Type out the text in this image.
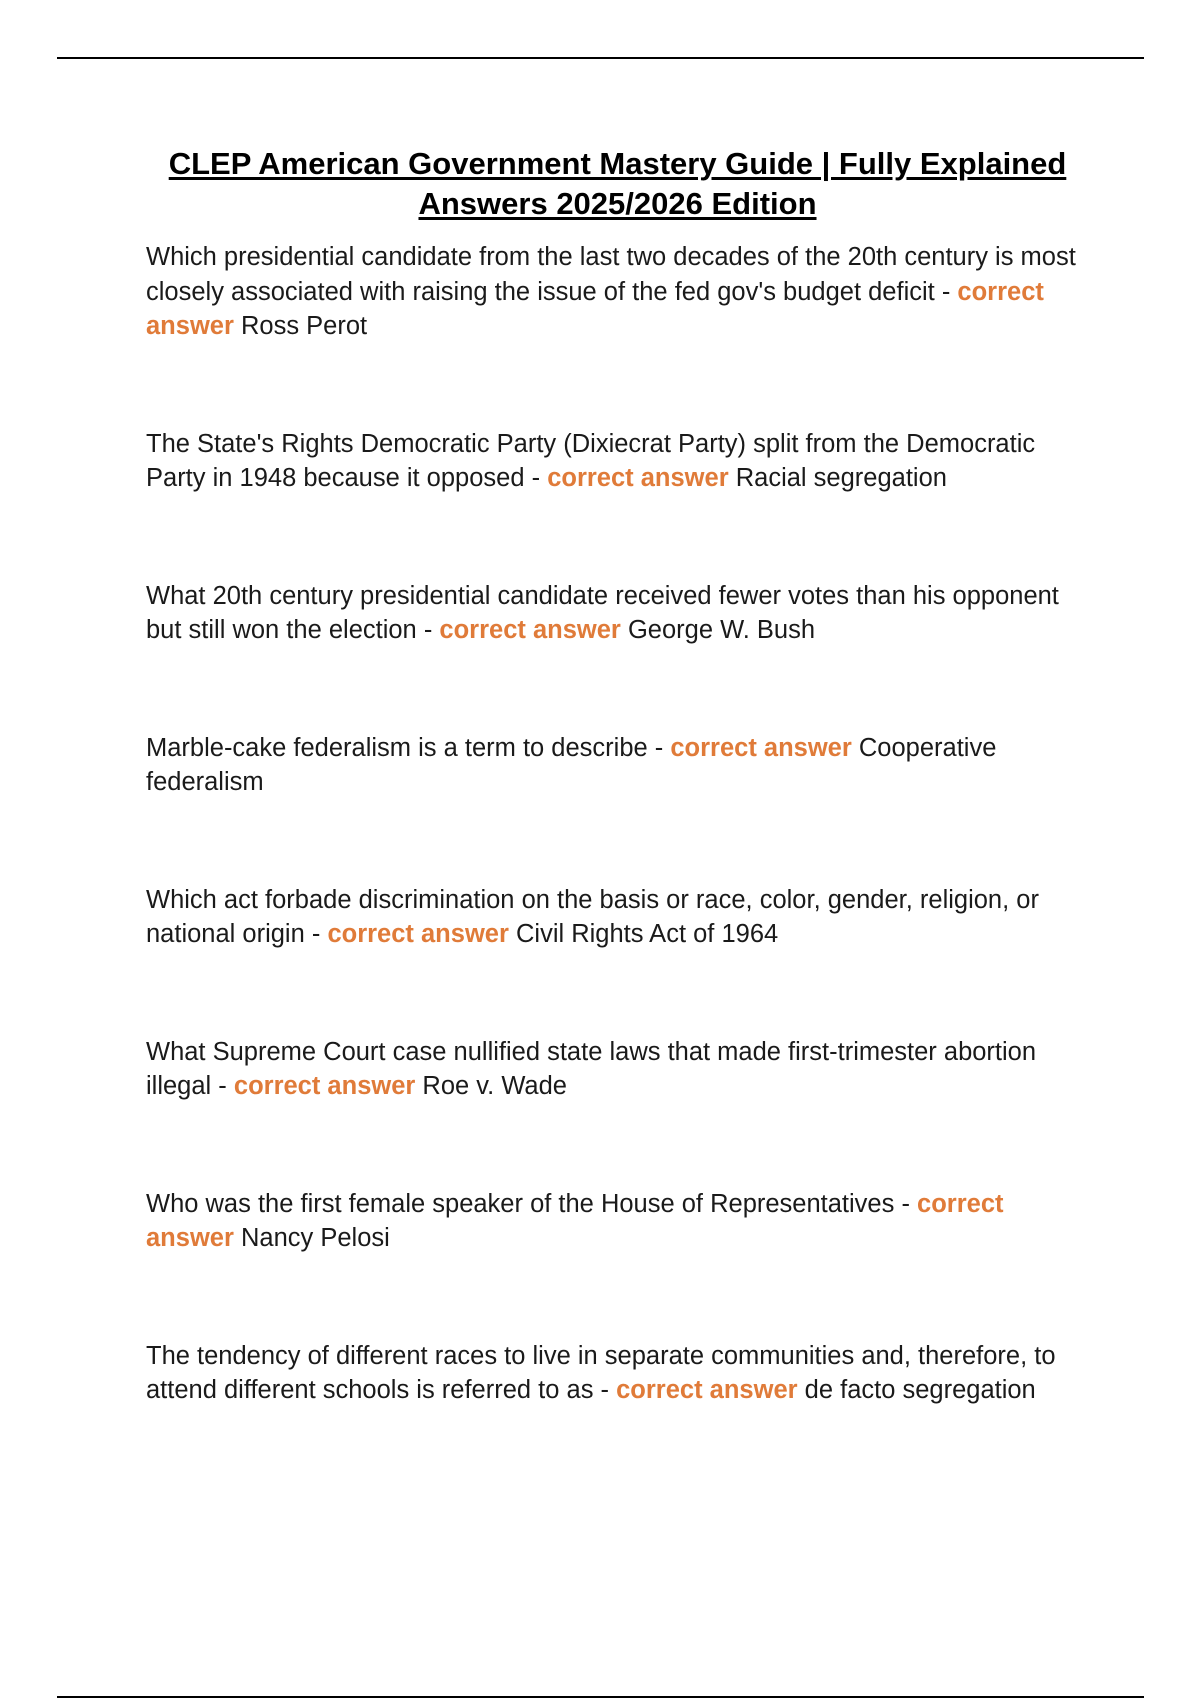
CLEP American Government Mastery Guide | Fully Explained
Answers 2025/2026 Edition

Which presidential candidate from the last two decades of the 20th century is most closely associated with raising the issue of the fed gov's budget deficit - correct answer Ross Perot

The State's Rights Democratic Party (Dixiecrat Party) split from the Democratic Party in 1948 because it opposed - correct answer Racial segregation

What 20th century presidential candidate received fewer votes than his opponent but still won the election - correct answer George W. Bush

Marble-cake federalism is a term to describe - correct answer Cooperative federalism

Which act forbade discrimination on the basis or race, color, gender, religion, or national origin - correct answer Civil Rights Act of 1964

What Supreme Court case nullified state laws that made first-trimester abortion illegal - correct answer Roe v. Wade

Who was the first female speaker of the House of Representatives - correct answer Nancy Pelosi

The tendency of different races to live in separate communities and, therefore, to attend different schools is referred to as - correct answer de facto segregation
